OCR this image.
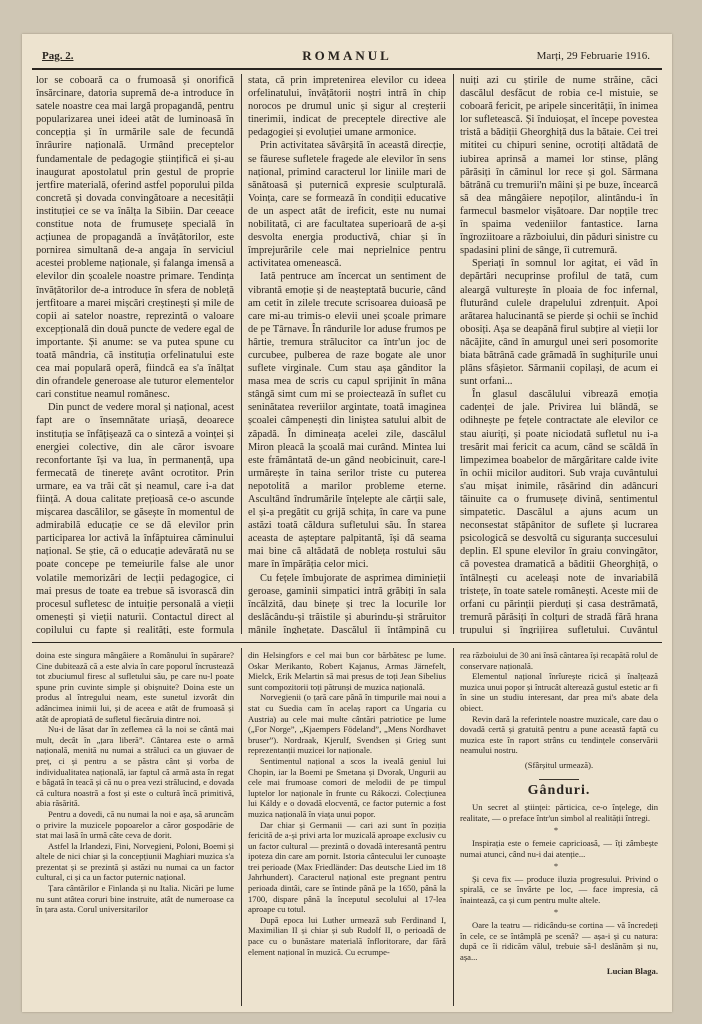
Pag. 2.	ROMANUL	Marți, 29 Februarie 1916.

lor se coboară ca o frumoasă și onorifică însărcinare, datoria supremă de-a introduce în satele noastre cea mai largă propagandă, pentru popularizarea unei ideei atât de luminoasă în concepția și în urmările sale de fecundă înrâurire națională. Urmând preceptelor fundamentale de pedagogie științifică ei și-au inaugurat apostolatul prin gestul de proprie jertfire materială, oferind astfel poporului pilda concretă și dovada convingătoare a necesității instituției ce se va înălța la Sibiin. Dar ceeace constitue nota de frumusețe specială în acțiunea de propagandă a învățătorilor, este pornirea simultană de-a angaja în serviciul acestei probleme naționale, și falanga imensă a elevilor din școalele noastre primare. Tendința învățătorilor de-a introduce în sfera de nobleță jertfitoare a marei mișcări creștinești și mile de copii ai satelor noastre, reprezintă o valoare excepțională din două puncte de vedere egal de importante. Și anume: se va putea spune cu toată mândria, că instituția orfelinatului este cea mai populară operă, fiindcă ea s'a înălțat din ofrandele generoase ale tuturor elementelor cari constitue neamul românesc.

Din punct de vedere moral și național, acest fapt are o însemnătate uriașă, deoarece instituția se înfățișează ca o sinteză a voinței și energiei colective, din ale căror isvoare reconfortante își va lua, în permanență, upa fermecată de tinerețe avânt ocrotitor. Prin urmare, ea va trăi căt și neamul, care i-a dat ființă. A doua calitate prețioasă ce-o ascunde mișcarea dascălilor, se găsește în momentul de admirabilă educație ce se dă elevilor prin participarea lor activă la înfăptuirea căminului național. Se știe, că o educație adevărată nu se poate concepe pe temeiurile false ale unor volatile memorizări de lecții pedagogice, ci mai presus de toate ea trebue să isvorască din procesul sufletesc de intuiție personală a vieții omenești și vieții naturii. Contactul direct al copilului cu fapte și realități, este formula

stata, că prin impretenirea elevilor cu ideea orfelinatului, învățătorii noștri intră în chip norocos pe drumul unic și sigur al creșterii tinerimii, indicat de preceptele directive ale pedagogiei și evoluției umane armonice.

Prin activitatea săvârșită în această direcție, se făurese sufletele fragede ale elevilor în sens național, primind caracterul lor liniile mari de sănătoasă și puternică expresie sculpturală. Voința, care se formează în condiții educative de un aspect atât de ireficit, este nu numai nobilitată, ci are facultatea superioară de a-și desvolta energia productivă, chiar și în împrejurările cele mai neprielnice pentru activitatea omenească.

Iată pentruce am încercat un sentiment de vibrantă emoție și de neașteptată bucurie, când am cetit în zilele trecute scrisoarea duioasă pe care mi-au trimis-o elevii unei școale primare de pe Târnave. În rândurile lor aduse frumos pe hârtie, tremura strălucitor ca într'un joc de curcubee, pulberea de raze bogate ale unor suflete virginale. Cum stau așa gânditor la masa mea de scris cu capul sprijinit în mâna stângă simt cum mi se proiectează în suflet cu seninătatea reveriilor argintate, toată imaginea școalei câmpenești din liniștea satului albit de zăpadă. În dimineața acelei zile, dascălul Miron pleacă la școală mai curând. Mintea lui este frământată de-un gând neobicinuit, care-l urmărește în taina serilor triste cu puterea nepotolită a marilor probleme eterne. Ascultând îndrumările înțelepte ale cărții sale, el și-a pregătit cu grijă schița, în care va pune astăzi toată căldura sufletului său. În starea aceasta de așteptare palpitantă, își dă seama mai bine că altădată de nobleța rostului său mare în împărăția celor mici.

Cu fețele îmbujorate de asprimea diminieții geroase, gaminii simpatici intră grăbiți în sala încălzită, dau binețe și trec la locurile lor deslăcându-și trăistile și aburindu-și străruitor mânile înghețate. Dascălul îi întâmpină cu

nuiți azi cu știrile de nume străine, căci dascălul desfăcut de robia ce-l mistuie, se coboară fericit, pe aripele sincerității, în inimea lor sufletească. Și înduioșat, el începe povestea tristă a bădiții Gheorghiță dus la bătaie. Cei trei mititei cu chipuri senine, ocrotiți altădată de iubirea aprinsă a mamei lor stinse, plâng părăsiți în căminul lor rece și gol. Sărmana bătrână cu tremurii'n mâini și pe buze, încearcă să dea mângâiere nepoților, alintându-i în farmecul basmelor vișătoare. Dar nopțile trec în spaima vedeniilor fantastice. Iarna îngroziitoare a războiului, din păduri sinistre cu spadasini plini de sânge, îi cutremură.

Speriați în somnul lor agitat, ei văd în depărtări necuprinse profilul de tată, cum aleargă vulturește în ploaia de foc infernal, fluturând culele drapelului zdrențuit. Apoi arătarea halucinantă se pierde și ochii se închid obosiți. Așa se deapănă firul subțire al vieții lor năcăjite, când în amurgul unei seri posomorite biata bătrână cade grămadă în sughițurile unui plâns sfâșietor. Sărmanii copilași, de acum ei sunt orfani...

În glasul dascălului vibrează emoția cadenței de jale. Privirea lui blândă, se odihnește pe fețele contractate ale elevilor ce stau aiuriți, și poate niciodată sufletul nu i-a tresărit mai fericit ca acum, când se scăldă în limpezimea boabelor de mărgăritare calde ivite în ochii micilor auditori. Sub vraja cuvântului s'au mișat inimile, răsărind din adâncuri tăinuite ca o frumusețe divină, sentimentul simpatetic. Dascălul a ajuns acum un neconsestat stăpânitor de suflete și lucrarea psicologică se desvoltă cu siguranța succesului deplin. El spune elevilor în graiu convingător, că povestea dramatică a băditii Gheorghiță, o întâlnești cu aceleași note de invariabilă tristețe, în toate satele românești. Aceste mii de orfani cu părinții pierduți și casa destrămată, tremură părăsiți în colțuri de stradă fără hrana trupului și îngrijirea sufletului. Cuvântul

doina este singura mângâiere a Românului în supărare? Cine dubitează că a este alvia în care poporul încrustează tot zbuciumul firesc al sufletului său, pe care nu-l poate spune prin cuvinte simple și obișnuite? Doina este un produs al întregului neam, este sunetul izvorât din adâncimea inimii lui, și de aceea e atât de frumoasă și atât de apropiată de sufletul fiecăruia dintre noi.

Nu-i de lăsat dar în zeflemea că la noi se cântă mai mult, decât în „țara liberă”. Cântarea este o armă națională, menită nu numai a strălucì ca un giuvaer de preț, ci și pentru a se păstra cânt și vorba de individualitatea națională, iar faptul că armă asta în regat e bâgată în teacă și că nu o prea vezi strălucind, e dovada că cultura noastră a fost și este o cultură încă primitivă, abia răsărită.

Pentru a dovedi, că nu numai la noi e așa, să aruncăm o privire la muzicele popoarelor a căror gospodărie de stat mai lasă în urmă câte ceva de dorit.

Astfel la Irlandezi, Fini, Norvegieni, Poloni, Boemi și altele de nici chiar și la concepțiunii Maghiari muzica s'a prezentat și se prezintă și astăzi nu numai ca un factor cultural, ci și ca un factor puternic național.

Țara cântărilor e Finlanda și nu Italia. Nicări pe lume nu sunt atâtea coruri bine instruite, atât de numeroase ca în țara asta. Corul universitarilor

din Helsingfors e cel mai bun cor bărbătesc pe lume. Oskar Merikanto, Robert Kajanus, Armas Järnefelt, Mielck, Erik Melartin să mai presus de toți Jean Sibelius sunt compozitorii toți pătrunși de muzica națională.

Norvegienii (o țară care până în timpurile mai noui a stat cu Suedia cam în acelaș raport ca Ungaria cu Austria) au cele mai multe cântări patriotice pe lume („For Norge”, „Kjaempers Födeland”, „Mens Nordhavet bruser”). Nordraak, Kjerulf, Svendsen și Grieg sunt reprezentanții muzicei lor naționale.

Sentimentul național a scos la iveală geniul lui Chopin, iar la Boemi pe Smetana și Dvorak, Ungurii au cele mai frumoase comori de melodii de pe timpul luptelor lor naționale în frunte cu Rákoczi. Colecțiunea lui Káldy e o dovadă elocventă, ce factor puternic a fost muzica națională în viața unui popor.

Dar chiar și Germanii — cari azi sunt în poziția fericită de a-și privi arta lor muzicală aproape exclusiv cu un factor cultural — prezintă o dovadă interesantă pentru ipoteza din care am pornit. Istoria cântecului ler cunoaște trei perioade (Max Friedländer: Das deutsche Lied im 18 Jahrhundert). Caracterul național este pregnant pentru perioada dintâi, care se întinde până pe la 1650, până la 1700, dispare până la începutul secolului al 17-lea aproape cu totul.

După epoca lui Luther urmează sub Ferdinand I, Maximilian II și chiar și sub Rudolf II, o perioadă de pace cu o bunăstare materială înfloritorare, dar fără element național în muzică. Cu ecrumpe-

rea războiului de 30 ani însă cântarea își recapătă rolul de conservare națională.

Elementul național înrîurește ricică și înalțează muzica unui popor și întrucât alterează gustul estetic ar fi în sine un studiu interesant, dar prea mi's abate dela obiect.

Revin dară la referintele noastre muzicale, care dau o dovadă certă și gratuită pentru a pune această faptă cu muzica este în raport strâns cu tendințele conservării neamului nostru.

(Sfârșitul urmează).

Gânduri.

Un secret al științei: părticica, ce-o înțelege, din realitate, — o preface într'un simbol al realității întregi.

*

Inspirația este o femeie capricioasă, — îți zâmbește numai atunci, când nu-i dai atenție...

*

Și ceva fix — produce iluzia progresului. Privind o spirală, ce se învârte pe loc, — face impresia, că înaintează, ca și cum pentru multe altele.

*

Oare la teatru — ridicându-se cortina — vă încredeți în cele, ce se întâmplă pe scenă? — așa-i și cu natura: după ce îi ridicăm vălul, trebuie să-l deslănăm și nu, așa...

Lucian Blaga.
